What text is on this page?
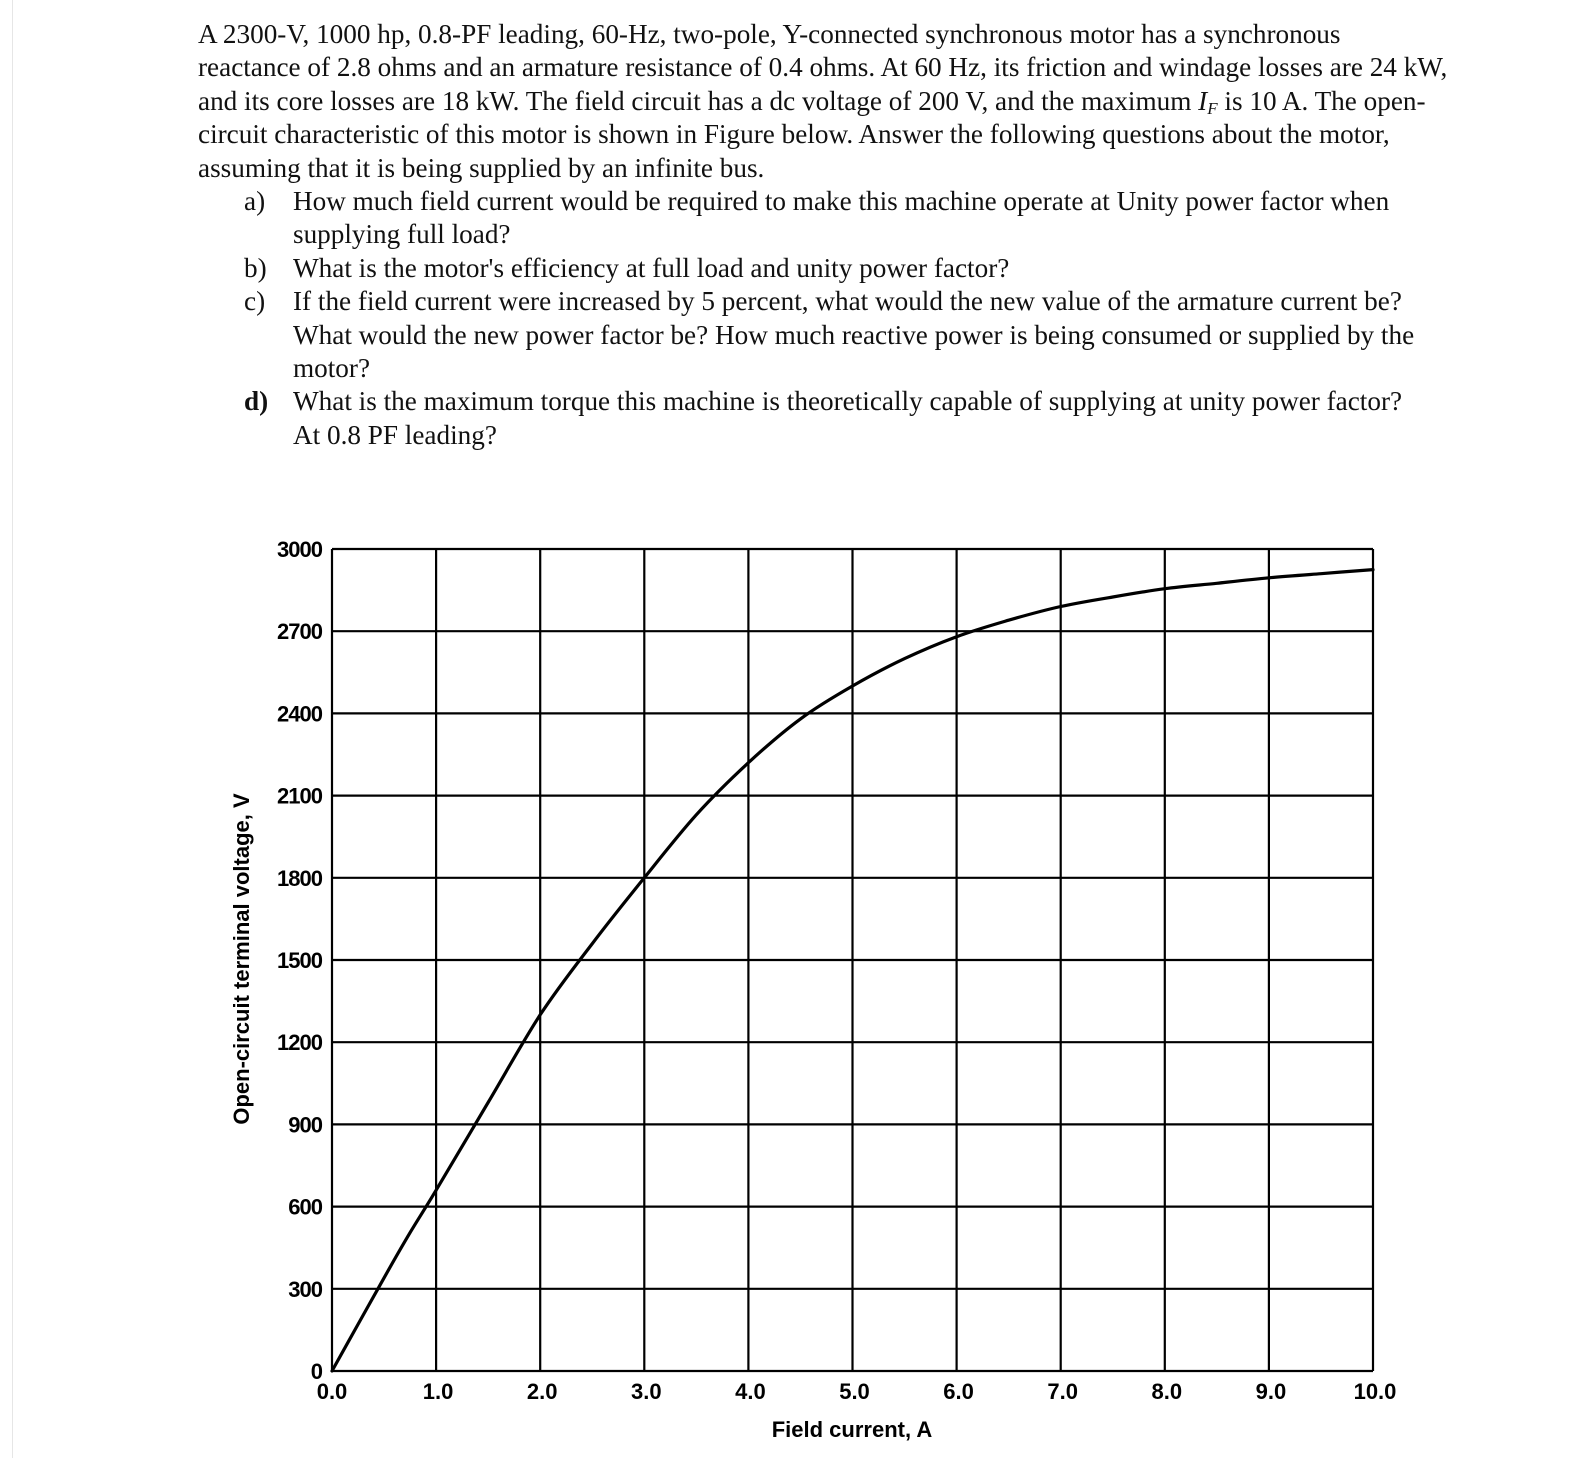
A 2300-V, 1000 hp, 0.8-PF leading, 60-Hz, two-pole, Y-connected synchronous motor has a synchronous reactance of 2.8 ohms and an armature resistance of 0.4 ohms. At 60 Hz, its friction and windage losses are 24 kW, and its core losses are 18 kW. The field circuit has a dc voltage of 200 V, and the maximum $I_F$ is 10 A. The open-circuit characteristic of this motor is shown in Figure below. Answer the following questions about the motor, assuming that it is being supplied by an infinite bus.

a)	How much field current would be required to make this machine operate at Unity power factor when supplying full load?
b) What is the motor's efficiency at full load and unity power factor?
c)	If the field current were increased by 5 percent, what would the new value of the armature current be? What would the new power factor be? How much reactive power is being consumed or supplied by the motor?
d) What is the maximum torque this machine is theoretically capable of supplying at unity power factor? At 0.8 PF leading?
0
300
600
900
1200
1500
1800
2100
2400
2700
3000
0.0	1.0	2.0	3.0	4.0	5.0	6.0	7.0	8.0	9.0	10.0
Field current, A
Open-circuit terminal voltage, V
